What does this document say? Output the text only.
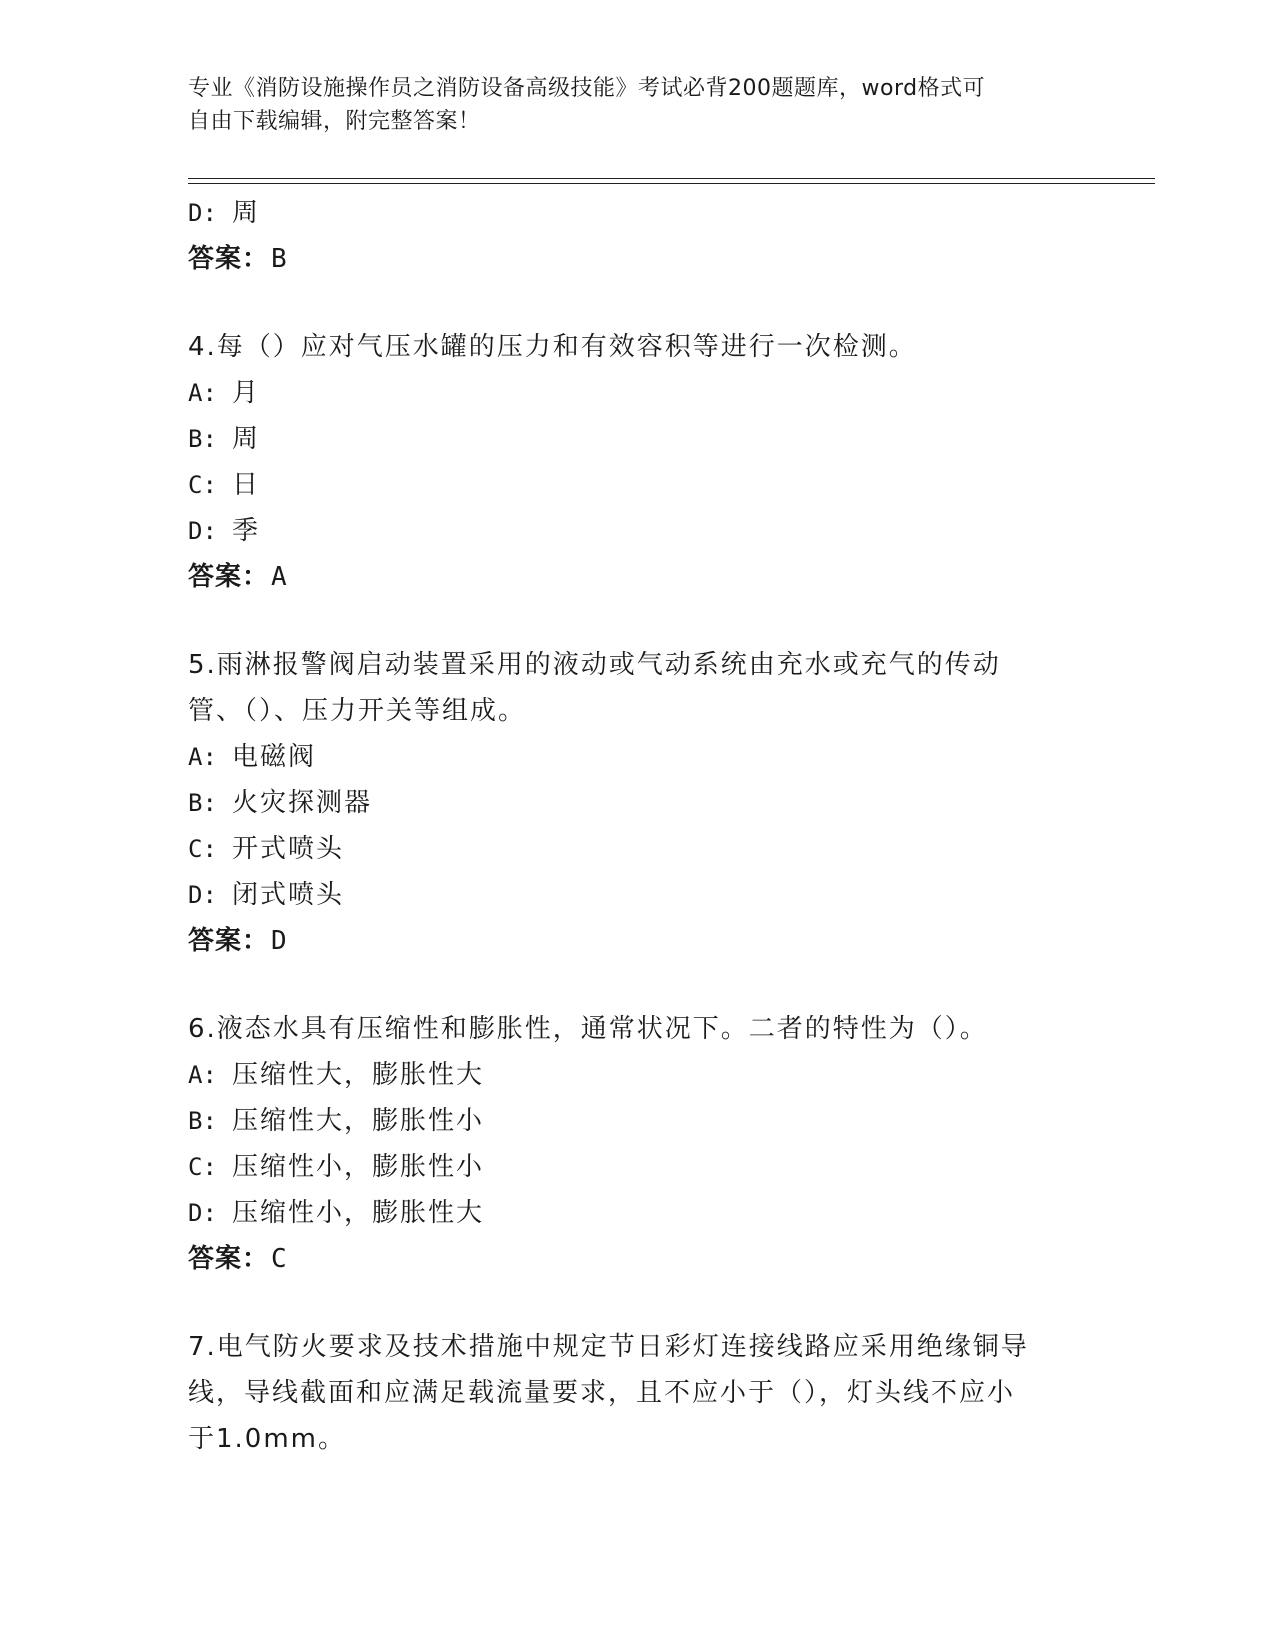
专业《消防设施操作员之消防设备高级技能》考试必背200题题库，word格式可
自由下载编辑，附完整答案！
D: 周
答案：B
4.每（）应对气压水罐的压力和有效容积等进行一次检测。
A: 月
B: 周
C: 日
D: 季
答案：A
5.雨淋报警阀启动装置采用的液动或气动系统由充水或充气的传动管、（）、压力开关等组成。
A: 电磁阀
B: 火灾探测器
C: 开式喷头
D: 闭式喷头
答案：D
6.液态水具有压缩性和膨胀性，通常状况下。二者的特性为（）。
A: 压缩性大，膨胀性大
B: 压缩性大，膨胀性小
C: 压缩性小，膨胀性小
D: 压缩性小，膨胀性大
答案：C
7.电气防火要求及技术措施中规定节日彩灯连接线路应采用绝缘铜导线，导线截面和应满足载流量要求，且不应小于（），灯头线不应小于1.0mm。
